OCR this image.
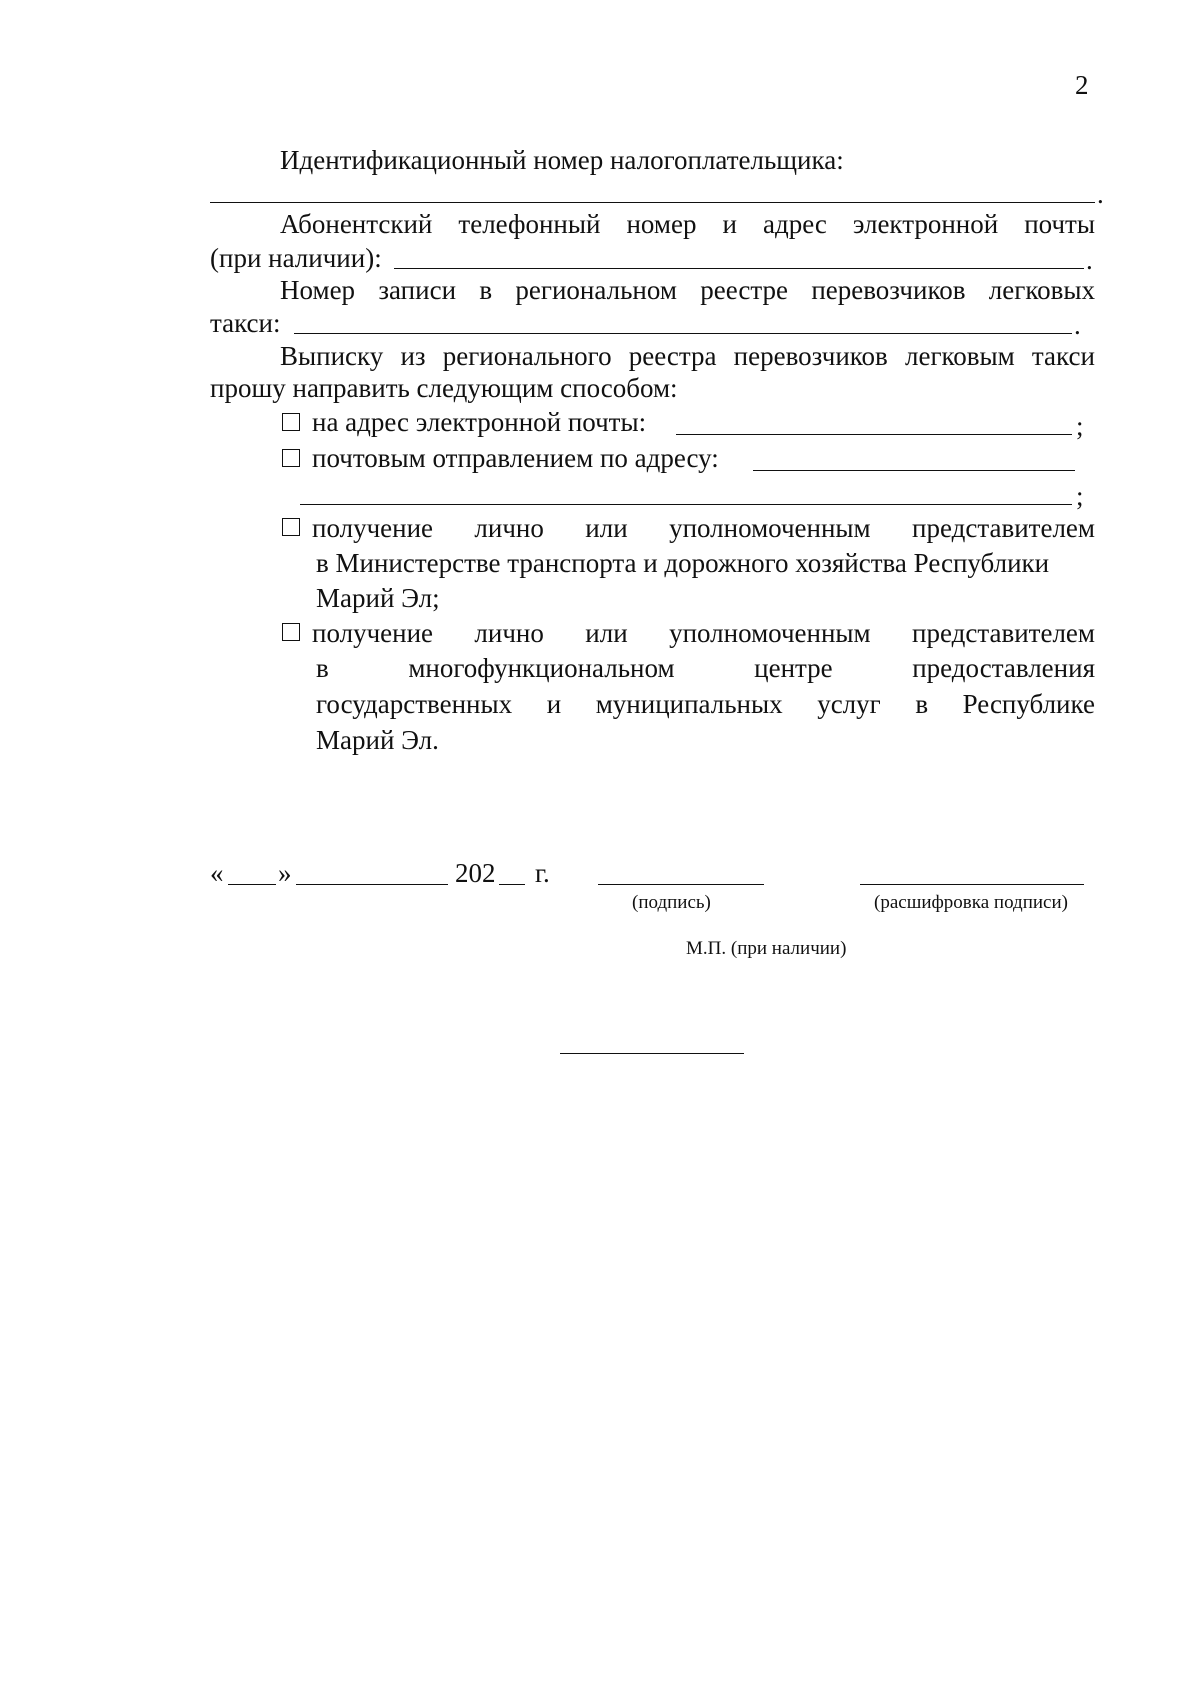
2
Идентификационный номер налогоплательщика:
.
Абонентский телефонный номер и адрес электронной почты
(при наличии):	.
Номер записи в региональном реестре перевозчиков легковых
такси:	.
Выписку из регионального реестра перевозчиков легковым такси
прошу направить следующим способом:
на адрес электронной почты:	;
почтовым отправлением по адресу:
;
получение лично или уполномоченным представителем
в Министерстве транспорта и дорожного хозяйства Республики
Марий Эл;
получение лично или уполномоченным представителем
в	многофункциональном	центре	предоставления
государственных и муниципальных услуг в Республике
Марий Эл.
« »	202 г.
(подпись)	(расшифровка подписи)
М.П. (при наличии)
